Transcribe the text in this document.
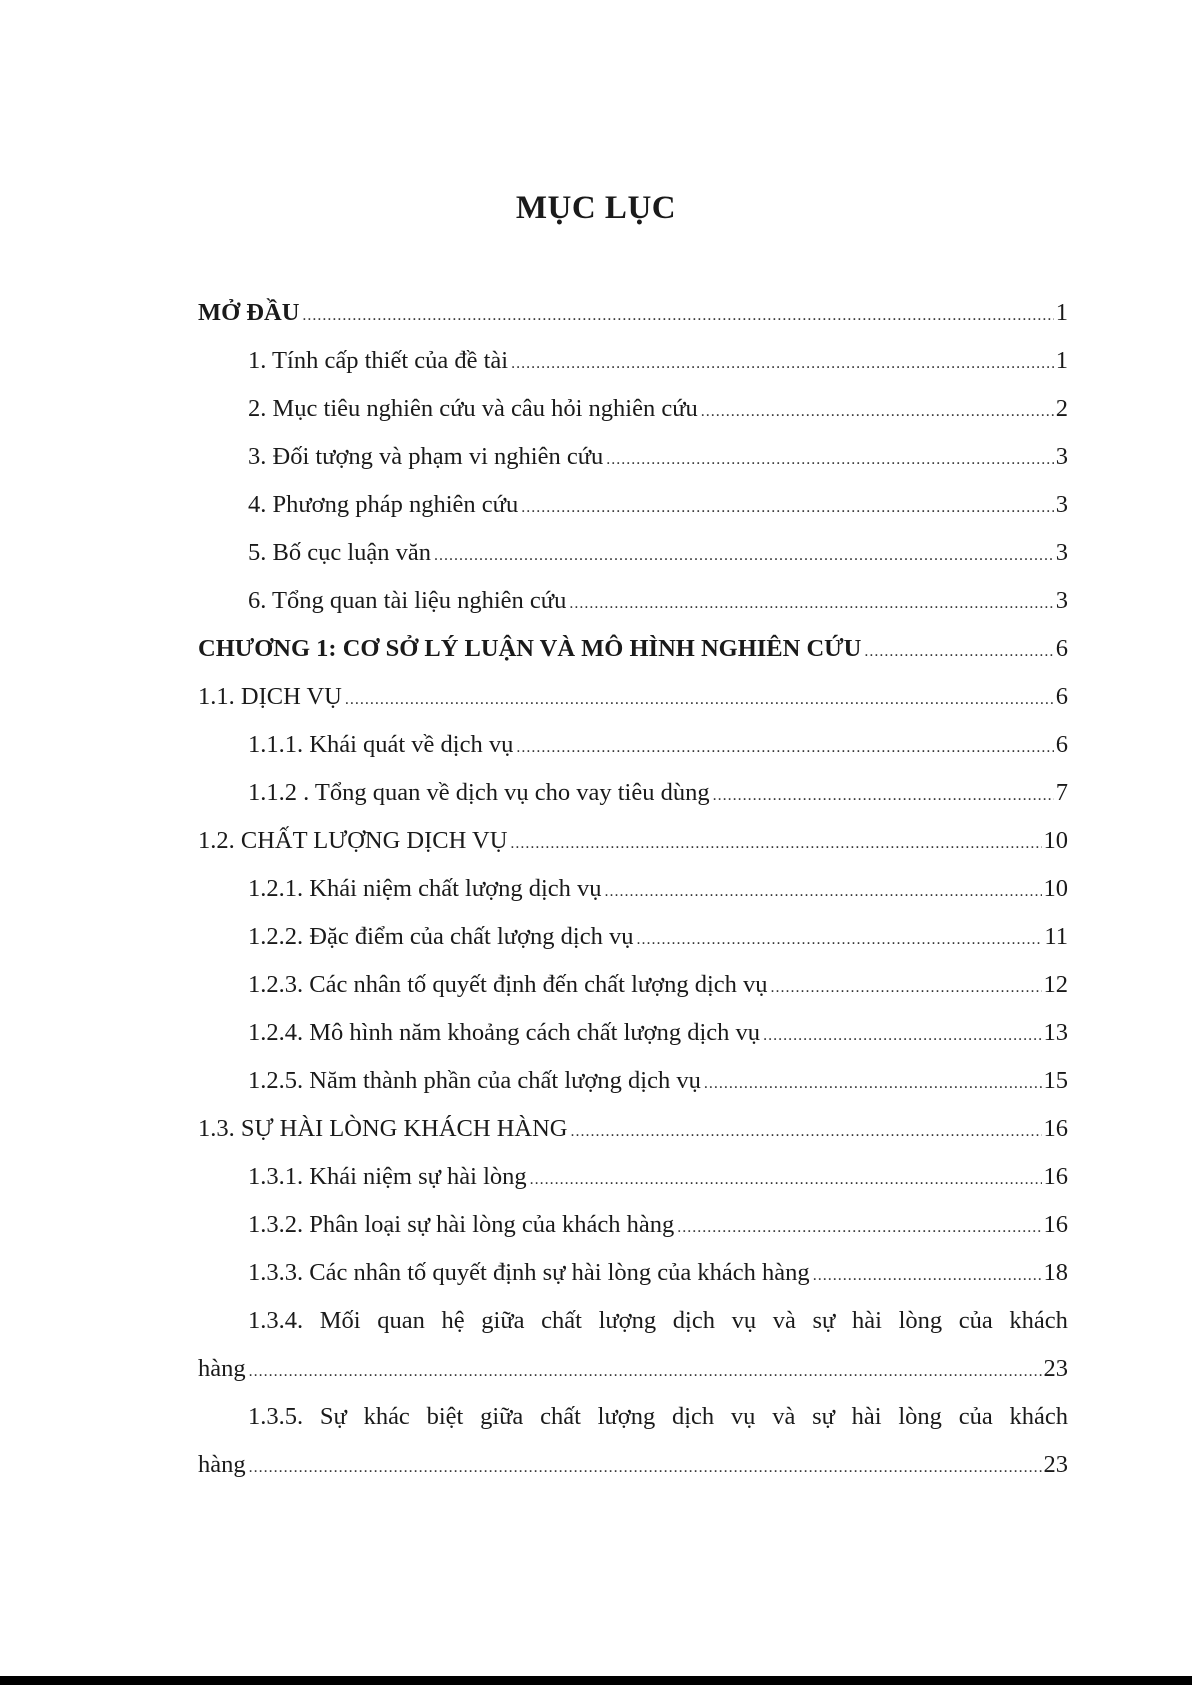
MỤC LỤC
MỞ ĐẦU .....	1
1. Tính cấp thiết của đề tài .....	1
2. Mục tiêu nghiên cứu và câu hỏi nghiên cứu .....	2
3. Đối tượng và phạm vi nghiên cứu .....	3
4. Phương pháp nghiên cứu .....	3
5. Bố cục luận văn .....	3
6. Tổng quan tài liệu nghiên cứu .....	3
CHƯƠNG 1: CƠ SỞ LÝ LUẬN VÀ MÔ HÌNH NGHIÊN CỨU .....	6
1.1. DỊCH VỤ .....	6
1.1.1. Khái quát về dịch vụ .....	6
1.1.2 . Tổng quan về dịch vụ cho vay tiêu dùng .....	7
1.2. CHẤT LƯỢNG DỊCH VỤ .....	10
1.2.1. Khái niệm chất lượng dịch vụ .....	10
1.2.2. Đặc điểm của chất lượng dịch vụ .....	11
1.2.3. Các nhân tố quyết định đến chất lượng dịch vụ .....	12
1.2.4. Mô hình năm khoảng cách chất lượng dịch vụ .....	13
1.2.5. Năm thành phần của chất lượng dịch vụ .....	15
1.3. SỰ HÀI LÒNG KHÁCH HÀNG .....	16
1.3.1. Khái niệm sự hài lòng .....	16
1.3.2. Phân loại sự hài lòng của khách hàng .....	16
1.3.3. Các nhân tố quyết định sự hài lòng của khách hàng .....	18
1.3.4. Mối quan hệ giữa chất lượng dịch vụ và sự hài lòng của khách
hàng .....	23
1.3.5. Sự khác biệt giữa chất lượng dịch vụ và sự hài lòng của khách
hàng .....	23
